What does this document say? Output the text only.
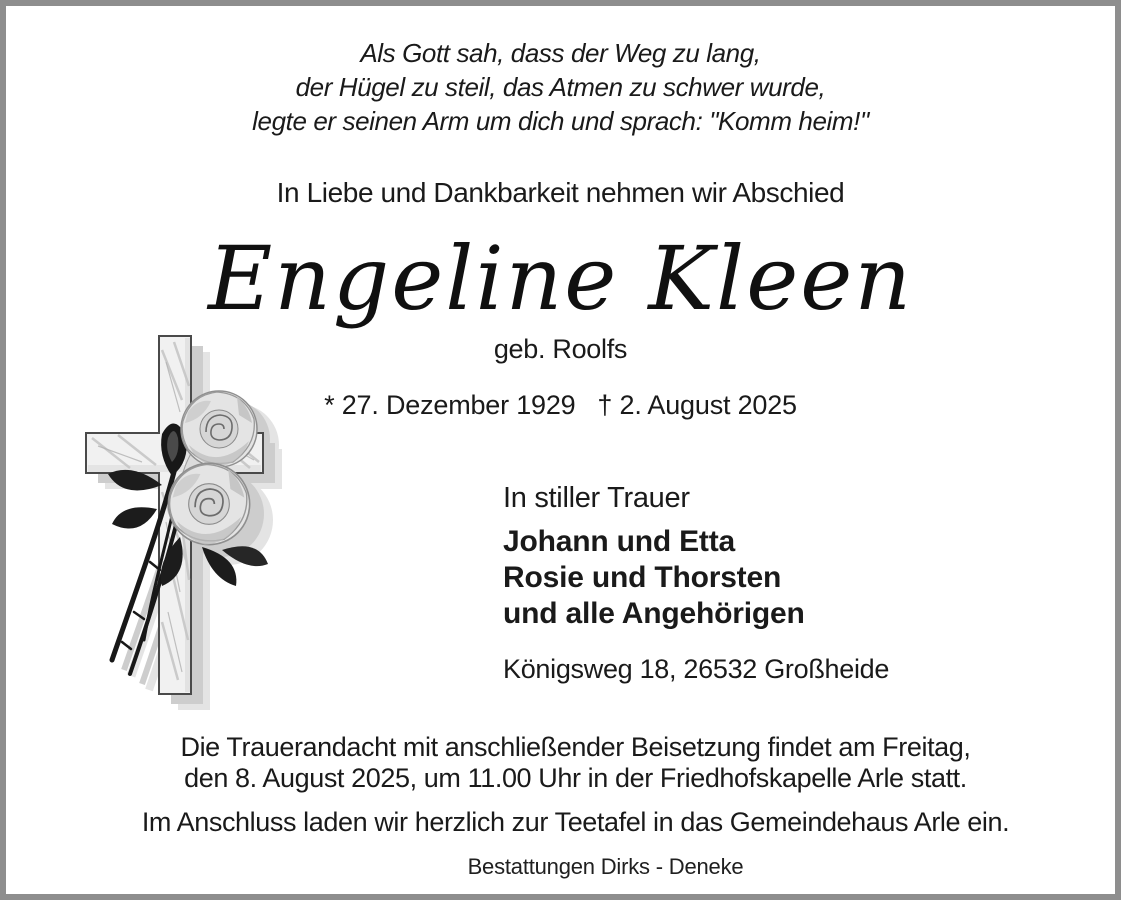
Als Gott sah, dass der Weg zu lang,
der Hügel zu steil, das Atmen zu schwer wurde,
legte er seinen Arm um dich und sprach: "Komm heim!"
In Liebe und Dankbarkeit nehmen wir Abschied
Engeline Kleen
geb. Roolfs
* 27. Dezember 1929   † 2. August 2025
In stiller Trauer
Johann und Etta
Rosie und Thorsten
und alle Angehörigen
Königsweg 18, 26532 Großheide
Die Trauerandacht mit anschließender Beisetzung findet am Freitag,
den 8. August 2025, um 11.00 Uhr in der Friedhofskapelle Arle statt.
Im Anschluss laden wir herzlich zur Teetafel in das Gemeindehaus Arle ein.
Bestattungen Dirks - Deneke
